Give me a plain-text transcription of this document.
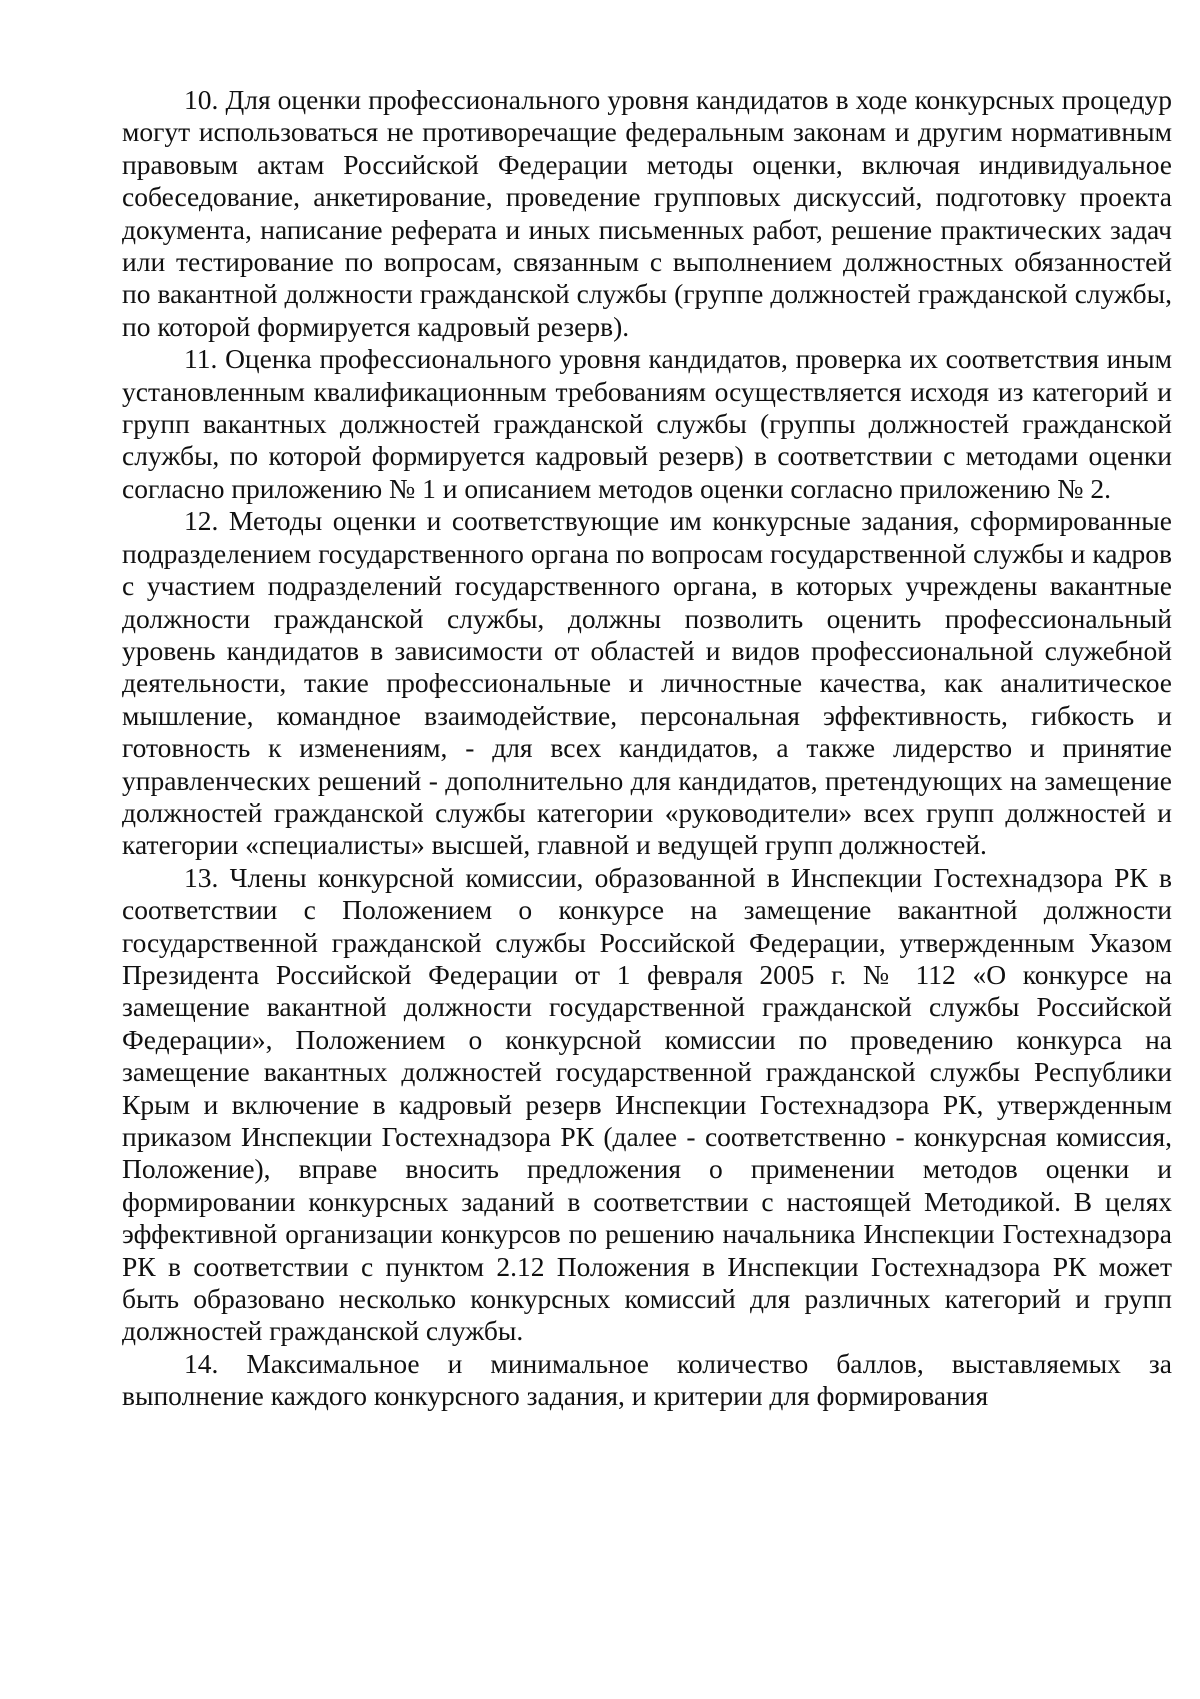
10. Для оценки профессионального уровня кандидатов в ходе конкурсных процедур могут использоваться не противоречащие федеральным законам и другим нормативным правовым актам Российской Федерации методы оценки, включая индивидуальное собеседование, анкетирование, проведение групповых дискуссий, подготовку проекта документа, написание реферата и иных письменных работ, решение практических задач или тестирование по вопросам, связанным с выполнением должностных обязанностей по вакантной должности гражданской службы (группе должностей гражданской службы, по которой формируется кадровый резерв).

11. Оценка профессионального уровня кандидатов, проверка их соответствия иным установленным квалификационным требованиям осуществляется исходя из категорий и групп вакантных должностей гражданской службы (группы должностей гражданской службы, по которой формируется кадровый резерв) в соответствии с методами оценки согласно приложению № 1 и описанием методов оценки согласно приложению № 2.

12. Методы оценки и соответствующие им конкурсные задания, сформированные подразделением государственного органа по вопросам государственной службы и кадров с участием подразделений государственного органа, в которых учреждены вакантные должности гражданской службы, должны позволить оценить профессиональный уровень кандидатов в зависимости от областей и видов профессиональной служебной деятельности, такие профессиональные и личностные качества, как аналитическое мышление, командное взаимодействие, персональная эффективность, гибкость и готовность к изменениям, - для всех кандидатов, а также лидерство и принятие управленческих решений - дополнительно для кандидатов, претендующих на замещение должностей гражданской службы категории «руководители» всех групп должностей и категории «специалисты» высшей, главной и ведущей групп должностей.

13. Члены конкурсной комиссии, образованной в Инспекции Гостехнадзора РК в соответствии с Положением о конкурсе на замещение вакантной должности государственной гражданской службы Российской Федерации, утвержденным Указом Президента Российской Федерации от 1 февраля 2005 г. № 112 «О конкурсе на замещение вакантной должности государственной гражданской службы Российской Федерации», Положением о конкурсной комиссии по проведению конкурса на замещение вакантных должностей государственной гражданской службы Республики Крым и включение в кадровый резерв Инспекции Гостехнадзора РК, утвержденным приказом Инспекции Гостехнадзора РК (далее - соответственно - конкурсная комиссия, Положение), вправе вносить предложения о применении методов оценки и формировании конкурсных заданий в соответствии с настоящей Методикой. В целях эффективной организации конкурсов по решению начальника Инспекции Гостехнадзора РК в соответствии с пунктом 2.12 Положения в Инспекции Гостехнадзора РК может быть образовано несколько конкурсных комиссий для различных категорий и групп должностей гражданской службы.

14. Максимальное и минимальное количество баллов, выставляемых за выполнение каждого конкурсного задания, и критерии для формирования
